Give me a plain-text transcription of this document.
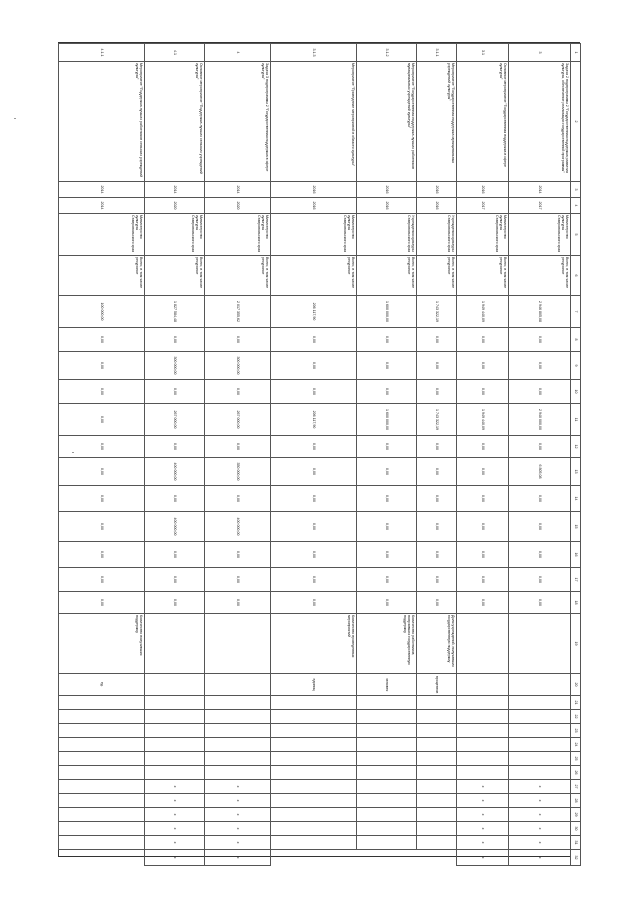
1	2	3	4	5	6	7	8	9	10	11	12	13	14	15	16	17	18	19	20	21	22	23	24	25	26	27	28	29	30	31	32
3	Задача 2 подпрограммы 2 "Государственная поддержка развития культуры, обеспечение реализации государственной программы"	2014	2017	Министерство культуры Ставропольского края	Всего, в том числе ресурсное	2 946 805,08	0,00	0,00	0,00	2 940 000,00	0,00	6 805,08	0,00	0,00	0,00	0,00	0,00									x	x	x	x	x	x
3.1	Основное мероприятие "Государственная поддержка в сфере культуры"	2016	2017	Министерство культуры Ставропольского края	Всего, в том числе ресурсное	1 949 440,09	0,00	0,00	0,00	1 949 440,09	0,00	0,00	0,00	0,00	0,00	0,00	0,00									x	x	x	x	x	x
3.1.1	Мероприятие "Государственная поддержка муниципальных учреждений культуры"	2016	2016	Учреждения культуры Ставропольского края	Всего, в том числе ресурсное	1 743 322,19	0,00	0,00	0,00	1 743 322,19	0,00	0,00	0,00	0,00	0,00	0,00	0,00	Доля учреждений, получивших государственную поддержку	процентов												
3.1.2	Мероприятие "Государственная поддержка лучших работников муниципальных учреждений культуры"	2016	2016	Учреждения культуры Ставропольского края	Всего, в том числе ресурсное	1 600 000,00	0,00	0,00	0,00	1 600 000,00	0,00	0,00	0,00	0,00	0,00	0,00	0,00	Количество работников, получивших государственную поддержку	человек												
3.1.3	Мероприятие "Проведение мероприятий в области культуры"	2016	2016	Министерство культуры Ставропольского края	Всего, в том числе ресурсное	206 117,90	0,00	0,00	0,00	206 117,90	0,00	0,00	0,00	0,00	0,00	0,00	0,00	Количество проведенных мероприятий	единиц												
4	Задача 3 подпрограммы 2 "Государственная поддержка в сфере культуры"	2014	2020	Министерство культуры Ставропольского края	Всего, в том числе ресурсное	2 017 355,62	0,00	300 000,00	0,00	267 000,00	0,00	350 000,00	0,00	400 000,00	0,00	0,00	0,00									x	x	x	x	x	x
4.1	Основное мероприятие "Поддержка лучших сельских учреждений культуры"	2014	2020	Министерство культуры Ставропольского края	Всего, в том числе ресурсное	1 827 584,48	0,00	300 000,00	0,00	267 000,00	0,00	400 000,00	0,00	400 000,00	0,00	0,00	0,00									x	x	x	x	x	x
4.1.1	Мероприятие "Поддержка лучших работников сельских учреждений культуры"	2014	2014	Министерство культуры Ставропольского края	Всего, в том числе ресурсное	100 000,00	0,00	0,00	0,00	0,00	0,00	0,00	0,00	0,00	0,00	0,00	0,00	Количество получивших поддержку	ед.												
